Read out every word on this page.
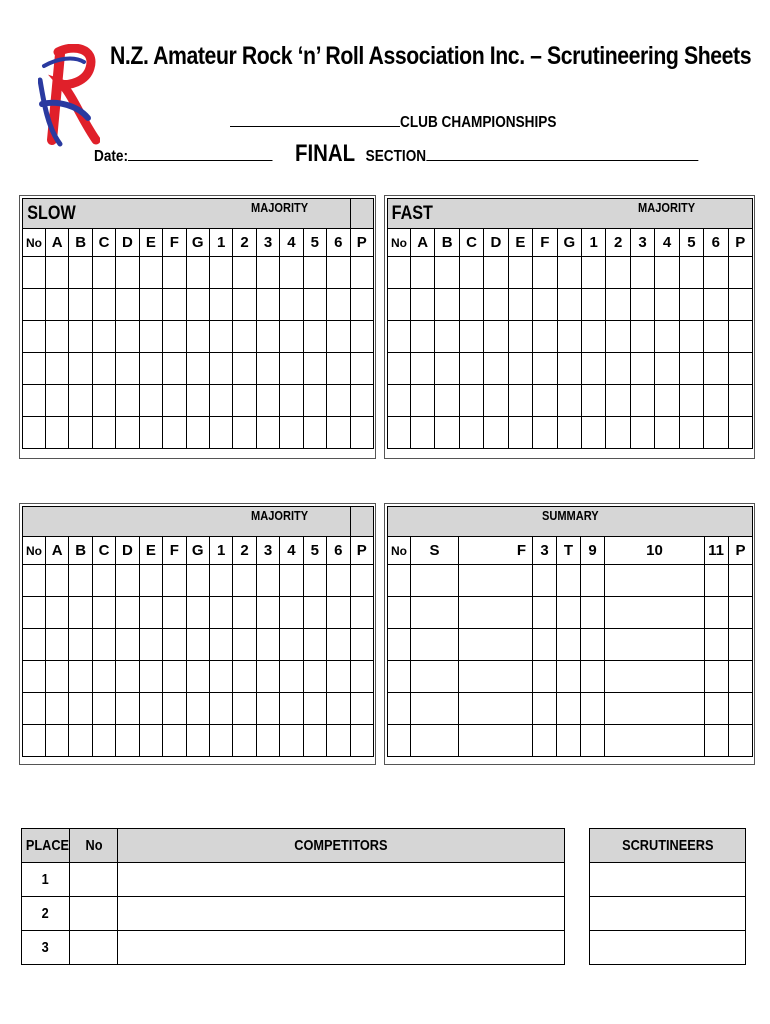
N.Z. Amateur Rock ‘n’ Roll Association Inc. – Scrutineering Sheets
CLUB CHAMPIONSHIPS
Date:	FINAL SECTION
SLOW								MAJORITY						
No	A	B	C	D	E	F	G	1	2	3	4	5	6	P

FAST								MAJORITY						
No	A	B	C	D	E	F	G	1	2	3	4	5	6	P

								MAJORITY						
No	A	B	C	D	E	F	G	1	2	3	4	5	6	P

SUMMARY								
No	S	F	3	T	9	10	11	P

PLACE	No	COMPETITORS
1		
2		
3		
SCRUTINEERS
